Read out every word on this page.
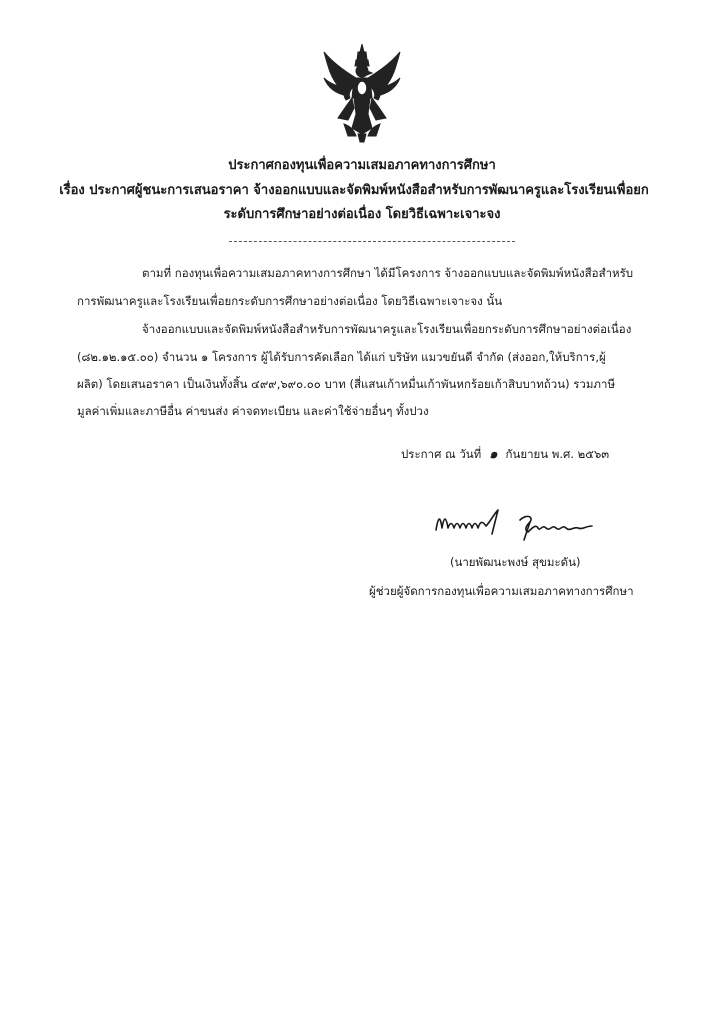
ประกาศกองทุนเพื่อความเสมอภาคทางการศึกษา
เรื่อง ประกาศผู้ชนะการเสนอราคา จ้างออกแบบและจัดพิมพ์หนังสือสำหรับการพัฒนาครูและโรงเรียนเพื่อยก
ระดับการศึกษาอย่างต่อเนื่อง โดยวิธีเฉพาะเจาะจง
ตามที่ กองทุนเพื่อความเสมอภาคทางการศึกษา ได้มีโครงการ จ้างออกแบบและจัดพิมพ์หนังสือสำหรับ
การพัฒนาครูและโรงเรียนเพื่อยกระดับการศึกษาอย่างต่อเนื่อง โดยวิธีเฉพาะเจาะจง นั้น
จ้างออกแบบและจัดพิมพ์หนังสือสำหรับการพัฒนาครูและโรงเรียนเพื่อยกระดับการศึกษาอย่างต่อเนื่อง
(๘๒.๑๒.๑๕.๐๐) จำนวน ๑ โครงการ ผู้ได้รับการคัดเลือก ได้แก่ บริษัท แมวขยันดี จำกัด (ส่งออก,ให้บริการ,ผู้
ผลิต) โดยเสนอราคา เป็นเงินทั้งสิ้น ๔๙๙,๖๙๐.๐๐ บาท (สี่แสนเก้าหมื่นเก้าพันหกร้อยเก้าสิบบาทถ้วน) รวมภาษี
มูลค่าเพิ่มและภาษีอื่น ค่าขนส่ง ค่าจดทะเบียน และค่าใช้จ่ายอื่นๆ ทั้งปวง
ประกาศ ณ วันที่ ๑ กันยายน พ.ศ. ๒๕๖๓
(นายพัฒนะพงษ์ สุขมะดัน)
ผู้ช่วยผู้จัดการกองทุนเพื่อความเสมอภาคทางการศึกษา
